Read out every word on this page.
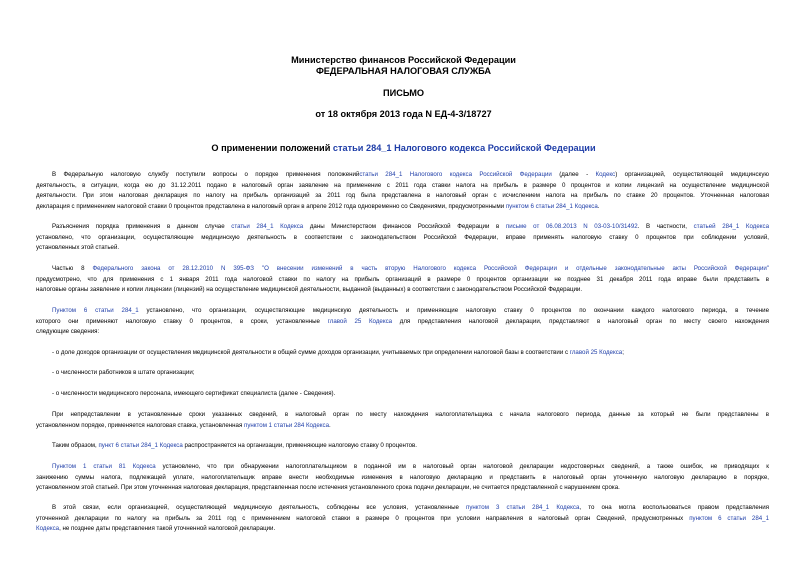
Министерство финансов Российской Федерации
ФЕДЕРАЛЬНАЯ НАЛОГОВАЯ СЛУЖБА
ПИСЬМО
от 18 октября 2013 года N ЕД-4-3/18727
О применении положений статьи 284_1 Налогового кодекса Российской Федерации
В Федеральную налоговую службу поступили вопросы о порядке применения положенийстатьи 284_1 Налогового кодекса Российской Федерации (далее - Кодекс) организацией, осуществляющей медицинскую
деятельность, в ситуации, когда ею до 31.12.2011 подано в налоговый орган заявление на применение с 2011 года ставки налога на прибыль в размере 0 процентов и копии лицензий на осуществление медицинской
деятельности. При этом налоговая декларация по налогу на прибыль организаций за 2011 год была представлена в налоговый орган с исчислением налога на прибыль по ставке 20 процентов. Уточненная налоговая
декларация с применением налоговой ставки 0 процентов представлена в налоговый орган в апреле 2012 года одновременно со Сведениями, предусмотренными пунктом 6 статьи 284_1 Кодекса.
Разъяснения порядка применения в данном случае статьи 284_1 Кодекса даны Министерством финансов Российской Федерации в письме от 06.08.2013 N 03-03-10/31492. В частности, статьей 284_1 Кодекса
установлено, что организации, осуществляющие медицинскую деятельность в соответствии с законодательством Российской Федерации, вправе применять налоговую ставку 0 процентов при соблюдении условий,
установленных этой статьей.
Частью 8 Федерального закона от 28.12.2010 N 395-ФЗ "О внесении изменений в часть вторую Налогового кодекса Российской Федерации и отдельные законодательные акты Российской Федерации"
предусмотрено, что для применения с 1 января 2011 года налоговой ставки по налогу на прибыль организаций в размере 0 процентов организации не позднее 31 декабря 2011 года вправе были представить в
налоговые органы заявление и копии лицензии (лицензий) на осуществление медицинской деятельности, выданной (выданных) в соответствии с законодательством Российской Федерации.
Пунктом 6 статьи 284_1 установлено, что организации, осуществляющие медицинскую деятельность и применяющие налоговую ставку 0 процентов по окончании каждого налогового периода, в течение
которого они применяют налоговую ставку 0 процентов, в сроки, установленные главой 25 Кодекса для представления налоговой декларации, представляют в налоговый орган по месту своего нахождения
следующие сведения:
- о доле доходов организации от осуществления медицинской деятельности в общей сумме доходов организации, учитываемых при определении налоговой базы в соответствии с главой 25 Кодекса;
- о численности работников в штате организации;
- о численности медицинского персонала, имеющего сертификат специалиста (далее - Сведения).
При непредставлении в установленные сроки указанных сведений, в налоговый орган по месту нахождения налогоплательщика с начала налогового периода, данные за который не были представлены в
установленном порядке, применяется налоговая ставка, установленная пунктом 1 статьи 284 Кодекса.
Таким образом, пункт 6 статьи 284_1 Кодекса распространяется на организации, применяющие налоговую ставку 0 процентов.
Пунктом 1 статьи 81 Кодекса установлено, что при обнаружении налогоплательщиком в поданной им в налоговый орган налоговой декларации недостоверных сведений, а также ошибок, не приводящих к
занижению суммы налога, подлежащей уплате, налогоплательщик вправе внести необходимые изменения в налоговую декларацию и представить в налоговый орган уточненную налоговую декларацию в порядке,
установленном этой статьей. При этом уточненная налоговая декларация, представленная после истечения установленного срока подачи декларации, не считается представленной с нарушением срока.
В этой связи, если организацией, осуществляющей медицинскую деятельность, соблюдены все условия, установленные пунктом 3 статьи 284_1 Кодекса, то она могла воспользоваться правом представления
уточненной декларации по налогу на прибыль за 2011 год с применением налоговой ставки в размере 0 процентов при условии направления в налоговый орган Сведений, предусмотренных пунктом 6 статьи 284_1
Кодекса, не позднее даты представления такой уточненной налоговой декларации.
